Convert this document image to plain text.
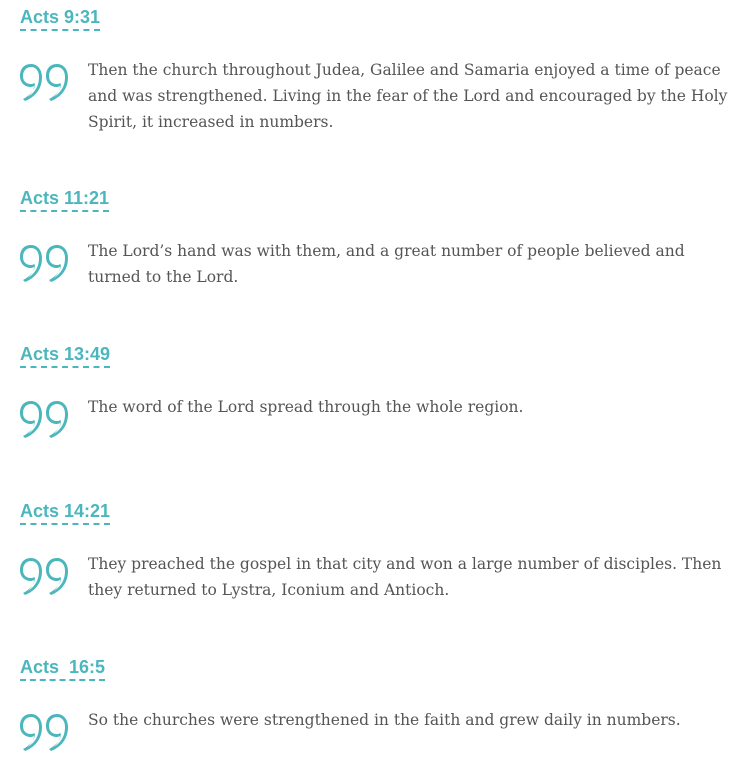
Acts 9:31

Then the church throughout Judea, Galilee and Samaria enjoyed a time of peace and was strengthened. Living in the fear of the Lord and encouraged by the Holy Spirit, it increased in numbers.

Acts 11:21

The Lord’s hand was with them, and a great number of people believed and turned to the Lord.

Acts 13:49

The word of the Lord spread through the whole region.

Acts 14:21

They preached the gospel in that city and won a large number of disciples. Then they returned to Lystra, Iconium and Antioch.

Acts  16:5

So the churches were strengthened in the faith and grew daily in numbers.
